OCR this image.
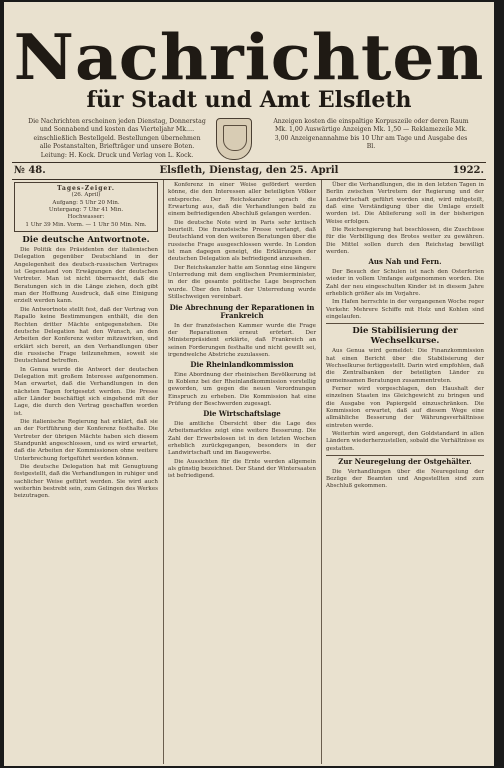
Nachrichten
für Stadt und Amt Elsfleth
Die Nachrichten erscheinen jeden Dienstag, Donnerstag und Sonnabend und kosten das Vierteljahr Mk.… einschließlich Bestellgeld. Bestellungen übernehmen alle Postanstalten, Briefträger und unsere Boten. Leitung: H. Kock. Druck und Verlag von L. Kock.
Anzeigen kosten die einspaltige Korpuszeile oder deren Raum Mk. 1,00 Auswärtige Anzeigen Mk. 1,50 — Reklamezeile Mk. 3,00 Anzeigenannahme bis 10 Uhr am Tage und Ausgabe des Bl.
№ 48.	Elsfleth, Dienstag, den 25. April	1922.
Tages-Zeiger.
(26. April)
Aufgang: 5 Uhr 20 Min.
Untergang: 7 Uhr 41 Min.
Hochwasser:
1 Uhr 39 Min. Vorm. — 1 Uhr 50 Min. Nm.
Die deutsche Antwortnote.
Die Politik des Präsidenten der italienischen Delegation gegenüber Deutschland in der Angelegenheit des deutsch-russischen Vertrages ist Gegenstand von Erwägungen der deutschen Vertreter. Man ist nicht überrascht, daß die Beratungen sich in die Länge ziehen, doch gibt man der Hoffnung Ausdruck, daß eine Einigung erzielt werden kann.
Die Antwortnote stellt fest, daß der Vertrag von Rapallo keine Bestimmungen enthält, die den Rechten dritter Mächte entgegenstehen. Die deutsche Delegation hat den Wunsch, an den Arbeiten der Konferenz weiter mitzuwirken, und erklärt sich bereit, an den Verhandlungen über die russische Frage teilzunehmen, soweit sie Deutschland betreffen.
In Genua wurde die Antwort der deutschen Delegation mit großem Interesse aufgenommen. Man erwartet, daß die Verhandlungen in den nächsten Tagen fortgesetzt werden. Die Presse aller Länder beschäftigt sich eingehend mit der Lage, die durch den Vertrag geschaffen worden ist.
Die italienische Regierung hat erklärt, daß sie an der Fortführung der Konferenz festhalte. Die Vertreter der übrigen Mächte haben sich diesem Standpunkt angeschlossen, und es wird erwartet, daß die Arbeiten der Kommissionen ohne weitere Unterbrechung fortgeführt werden können.
Die deutsche Delegation hat mit Genugtuung festgestellt, daß die Verhandlungen in ruhiger und sachlicher Weise geführt werden. Sie wird auch weiterhin bestrebt sein, zum Gelingen des Werkes beizutragen.
Konferenz in einer Weise gefördert werden könne, die den Interessen aller beteiligten Völker entspreche. Der Reichskanzler sprach die Erwartung aus, daß die Verhandlungen bald zu einem befriedigenden Abschluß gelangen werden.
Die deutsche Note wird in Paris sehr kritisch beurteilt. Die französische Presse verlangt, daß Deutschland von den weiteren Beratungen über die russische Frage ausgeschlossen werde. In London ist man dagegen geneigt, die Erklärungen der deutschen Delegation als befriedigend anzusehen.
Der Reichskanzler hatte am Sonntag eine längere Unterredung mit dem englischen Premierminister, in der die gesamte politische Lage besprochen wurde. Über den Inhalt der Unterredung wurde Stillschweigen vereinbart.
Die Abrechnung der Reparationen in Frankreich
In der französischen Kammer wurde die Frage der Reparationen erneut erörtert. Der Ministerpräsident erklärte, daß Frankreich an seinen Forderungen festhalte und nicht gewillt sei, irgendwelche Abstriche zuzulassen.
Die Rheinlandkommission
Eine Abordnung der rheinischen Bevölkerung ist in Koblenz bei der Rheinlandkommission vorstellig geworden, um gegen die neuen Verordnungen Einspruch zu erheben. Die Kommission hat eine Prüfung der Beschwerden zugesagt.
Die Wirtschaftslage
Die amtliche Übersicht über die Lage des Arbeitsmarktes zeigt eine weitere Besserung. Die Zahl der Erwerbslosen ist in den letzten Wochen erheblich zurückgegangen, besonders in der Landwirtschaft und im Baugewerbe.
Die Aussichten für die Ernte werden allgemein als günstig bezeichnet. Der Stand der Wintersaaten ist befriedigend.
Über die Verhandlungen, die in den letzten Tagen in Berlin zwischen Vertretern der Regierung und der Landwirtschaft geführt worden sind, wird mitgeteilt, daß eine Verständigung über die Umlage erzielt worden ist. Die Ablieferung soll in der bisherigen Weise erfolgen.
Die Reichsregierung hat beschlossen, die Zuschüsse für die Verbilligung des Brotes weiter zu gewähren. Die Mittel sollen durch den Reichstag bewilligt werden.
Aus Nah und Fern.
Der Besuch der Schulen ist nach den Osterferien wieder in vollem Umfange aufgenommen worden. Die Zahl der neu eingeschulten Kinder ist in diesem Jahre erheblich größer als im Vorjahre.
Im Hafen herrschte in der vergangenen Woche reger Verkehr. Mehrere Schiffe mit Holz und Kohlen sind eingelaufen.
Die Stabilisierung der Wechselkurse.
Aus Genua wird gemeldet: Die Finanzkommission hat einen Bericht über die Stabilisierung der Wechselkurse fertiggestellt. Darin wird empfohlen, daß die Zentralbanken der beteiligten Länder zu gemeinsamen Beratungen zusammentreten.
Ferner wird vorgeschlagen, den Haushalt der einzelnen Staaten ins Gleichgewicht zu bringen und die Ausgabe von Papiergeld einzuschränken. Die Kommission erwartet, daß auf diesem Wege eine allmähliche Besserung der Währungsverhältnisse eintreten werde.
Weiterhin wird angeregt, den Goldstandard in allen Ländern wiederherzustellen, sobald die Verhältnisse es gestatten.
Zur Neuregelung der Ostgehälter.
Die Verhandlungen über die Neuregelung der Bezüge der Beamten und Angestellten sind zum Abschluß gekommen.
